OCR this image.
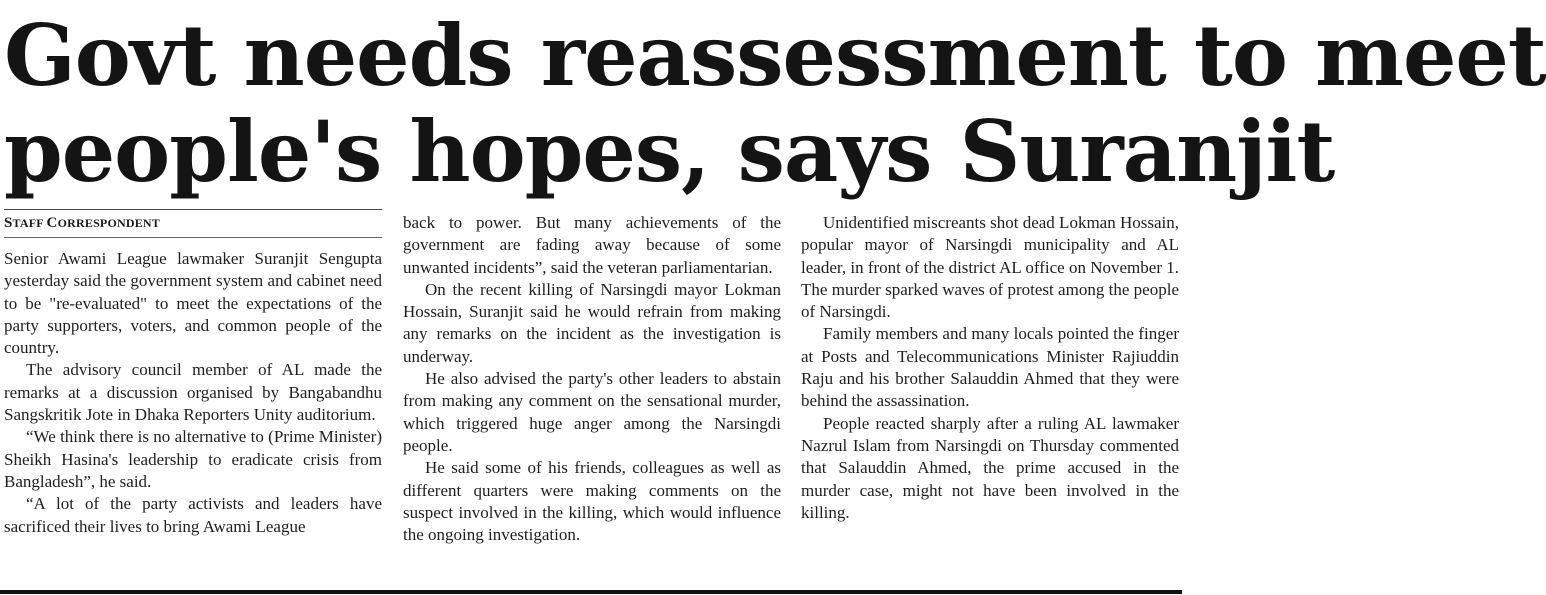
Govt needs reassessment to meet
people's hopes, says Suranjit
STAFF CORRESPONDENT

Senior Awami League lawmaker Suranjit Sengupta yesterday said the government system and cabinet need to be "re-evaluated" to meet the expectations of the party supporters, voters, and common people of the country.

The advisory council member of AL made the remarks at a discussion organised by Bangabandhu Sangskritik Jote in Dhaka Reporters Unity auditorium.

“We think there is no alternative to (Prime Minister) Sheikh Hasina's leadership to eradicate crisis from Bangladesh”, he said.

“A lot of the party activists and leaders have sacrificed their lives to bring Awami League

back to power. But many achievements of the government are fading away because of some unwanted incidents”, said the veteran parliamentarian.

On the recent killing of Narsingdi mayor Lokman Hossain, Suranjit said he would refrain from making any remarks on the incident as the investigation is underway.

He also advised the party's other leaders to abstain from making any comment on the sensational murder, which triggered huge anger among the Narsingdi people.

He said some of his friends, colleagues as well as different quarters were making comments on the suspect involved in the killing, which would influence the ongoing investigation.

Unidentified miscreants shot dead Lokman Hossain, popular mayor of Narsingdi municipality and AL leader, in front of the district AL office on November 1. The murder sparked waves of protest among the people of Narsingdi.

Family members and many locals pointed the finger at Posts and Telecommunications Minister Rajiuddin Raju and his brother Salauddin Ahmed that they were behind the assassination.

People reacted sharply after a ruling AL lawmaker Nazrul Islam from Narsingdi on Thursday commented that Salauddin Ahmed, the prime accused in the murder case, might not have been involved in the killing.
